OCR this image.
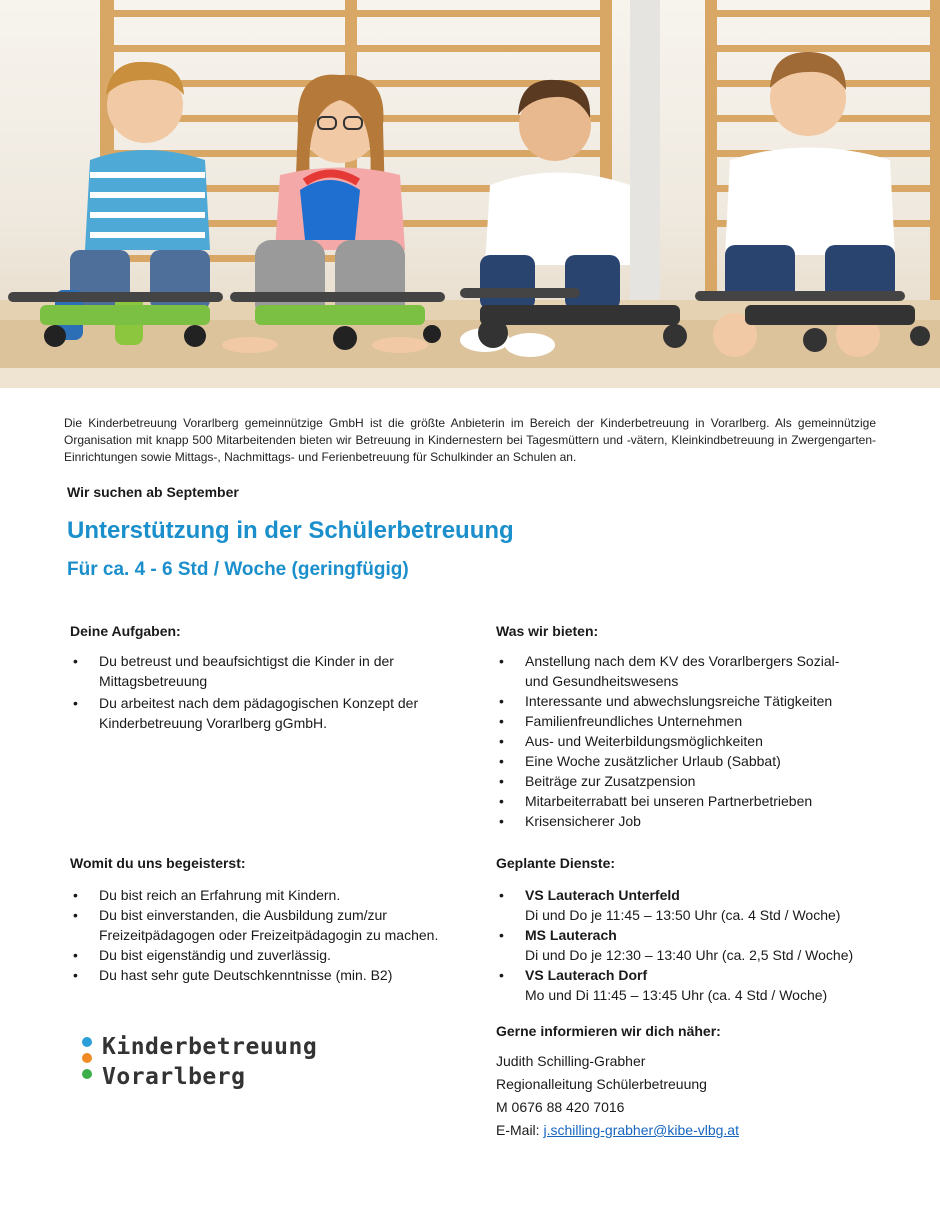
Die Kinderbetreuung Vorarlberg gemeinnützige GmbH ist die größte Anbieterin im Bereich der Kinderbetreuung in Vorarlberg. Als gemeinnützige Organisation mit knapp 500 Mitarbeitenden bieten wir Betreuung in Kindernestern bei Tagesmüttern und -vätern, Kleinkindbetreuung in Zwergengarten-Einrichtungen sowie Mittags-, Nachmittags- und Ferienbetreuung für Schulkinder an Schulen an.
Wir suchen ab September
Unterstützung in der Schülerbetreuung
Für ca. 4 - 6 Std / Woche (geringfügig)
Deine Aufgaben:
• Du betreust und beaufsichtigst die Kinder in der Mittagsbetreuung
• Du arbeitest nach dem pädagogischen Konzept der Kinderbetreuung Vorarlberg gGmbH.
Was wir bieten:
• Anstellung nach dem KV des Vorarlbergers Sozial- und Gesundheitswesens
• Interessante und abwechslungsreiche Tätigkeiten
• Familienfreundliches Unternehmen
• Aus- und Weiterbildungsmöglichkeiten
• Eine Woche zusätzlicher Urlaub (Sabbat)
• Beiträge zur Zusatzpension
• Mitarbeiterrabatt bei unseren Partnerbetrieben
• Krisensicherer Job
Womit du uns begeisterst:
• Du bist reich an Erfahrung mit Kindern.
• Du bist einverstanden, die Ausbildung zum/zur Freizeitpädagogen oder Freizeitpädagogin zu machen.
• Du bist eigenständig und zuverlässig.
• Du hast sehr gute Deutschkenntnisse (min. B2)
Geplante Dienste:
• VS Lauterach Unterfeld
Di und Do je 11:45 – 13:50 Uhr (ca. 4 Std / Woche)
• MS Lauterach
Di und Do je 12:30 – 13:40 Uhr (ca. 2,5 Std / Woche)
• VS Lauterach Dorf
Mo und Di 11:45 – 13:45 Uhr (ca. 4 Std / Woche)
Gerne informieren wir dich näher:
Judith Schilling-Grabher
Regionalleitung Schülerbetreuung
M 0676 88 420 7016
E-Mail: j.schilling-grabher@kibe-vlbg.at
Kinderbetreuung
Vorarlberg
